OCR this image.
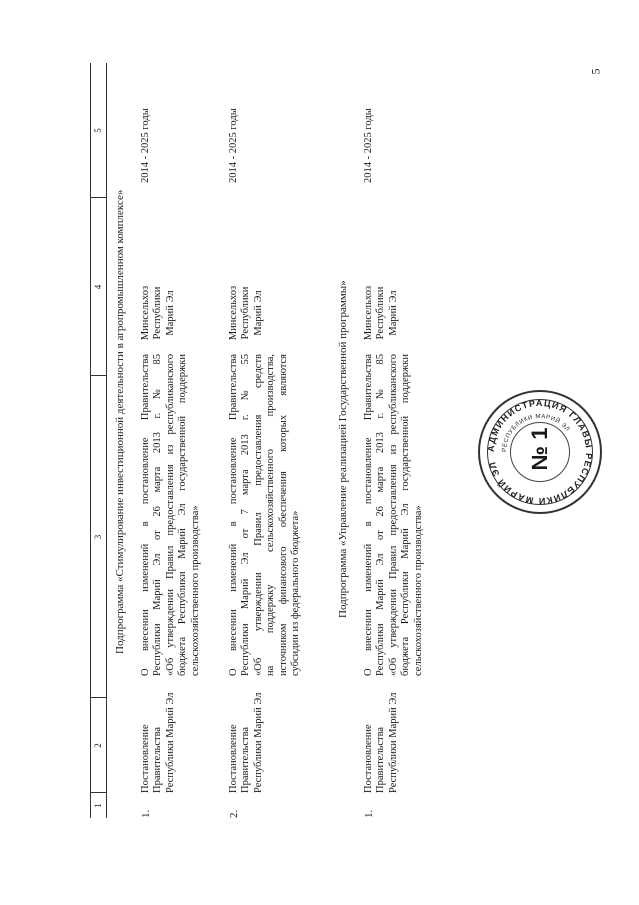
5
1
2
3
4
5
Подпрограмма «Стимулирование инвестиционной деятельности в агропромышленном комплексе»
1.
Постановление Правительства Республики Марий Эл
О внесении изменений в постановление Правительства Республики Марий Эл от 26 марта 2013 г. № 85 «Об утверждении Правил предоставления из республиканского бюджета Республики Марий Эл государственной поддержки сельскохозяйственного производства»
Минсельхоз Республики Марий Эл
2014 - 2025 годы
2.
Постановление Правительства Республики Марий Эл
О внесении изменений в постановление Правительства Республики Марий Эл от 7 марта 2013 г. № 55 «Об утверждении Правил предоставления средств на поддержку сельскохозяйственного производства, источником финансового обеспечения которых являются субсидии из федерального бюджета»
Минсельхоз Республики Марий Эл
2014 - 2025 годы
Подпрограмма «Управление реализацией Государственной программы»
1.
Постановление Правительства Республики Марий Эл
О внесении изменений в постановление Правительства Республики Марий Эл от 26 марта 2013 г. № 85 «Об утверждении Правил предоставления из республиканского бюджета Республики Марий Эл государственной поддержки сельскохозяйственного производства»
Минсельхоз Республики Марий Эл
2014 - 2025 годы
АДМИНИСТРАЦИЯ ГЛАВЫ РЕСПУБЛИКИ МАРИЙ ЭЛ
РЕСПУБЛИКИ МАРИЙ ЭЛ
№ 1
